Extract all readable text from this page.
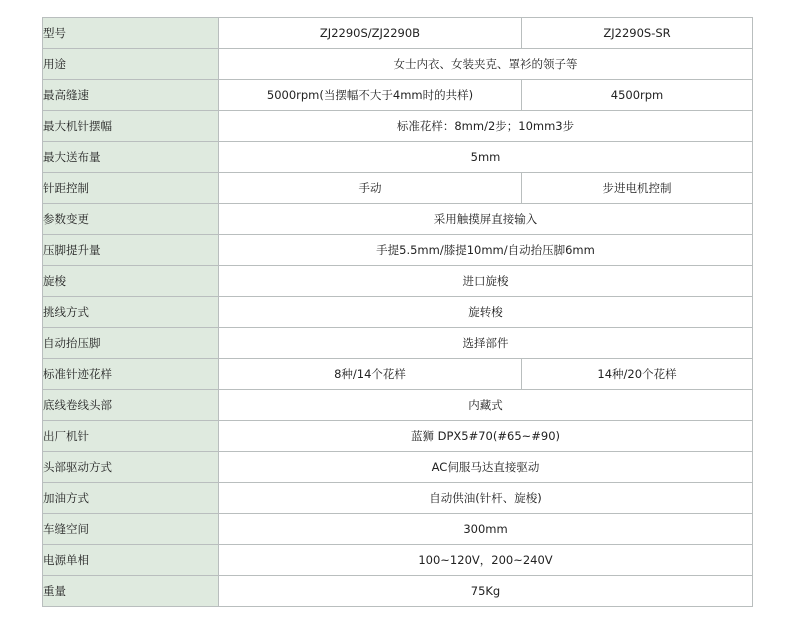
型号	ZJ2290S/ZJ2290B	ZJ2290S-SR
用途	女士内衣、女装夹克、罩衫的领子等	
最高缝速	5000rpm(当摆幅不大于4mm时的共样)	4500rpm
最大机针摆幅	标准花样：8mm/2步；10mm3步	
最大送布量	5mm	
针距控制	手动	步进电机控制
参数变更	采用触摸屏直接输入	
压脚提升量	手提5.5mm/膝提10mm/自动抬压脚6mm	
旋梭	进口旋梭	
挑线方式	旋转梭	
自动抬压脚	选择部件	
标准针迹花样	8种/14个花样	14种/20个花样
底线卷线头部	内藏式	
出厂机针	蓝狮 DPX5#70(#65~#90)	
头部驱动方式	AC伺服马达直接驱动	
加油方式	自动供油(针杆、旋梭)	
车缝空间	300mm	
电源单相	100~120V，200~240V	
重量	75Kg	
